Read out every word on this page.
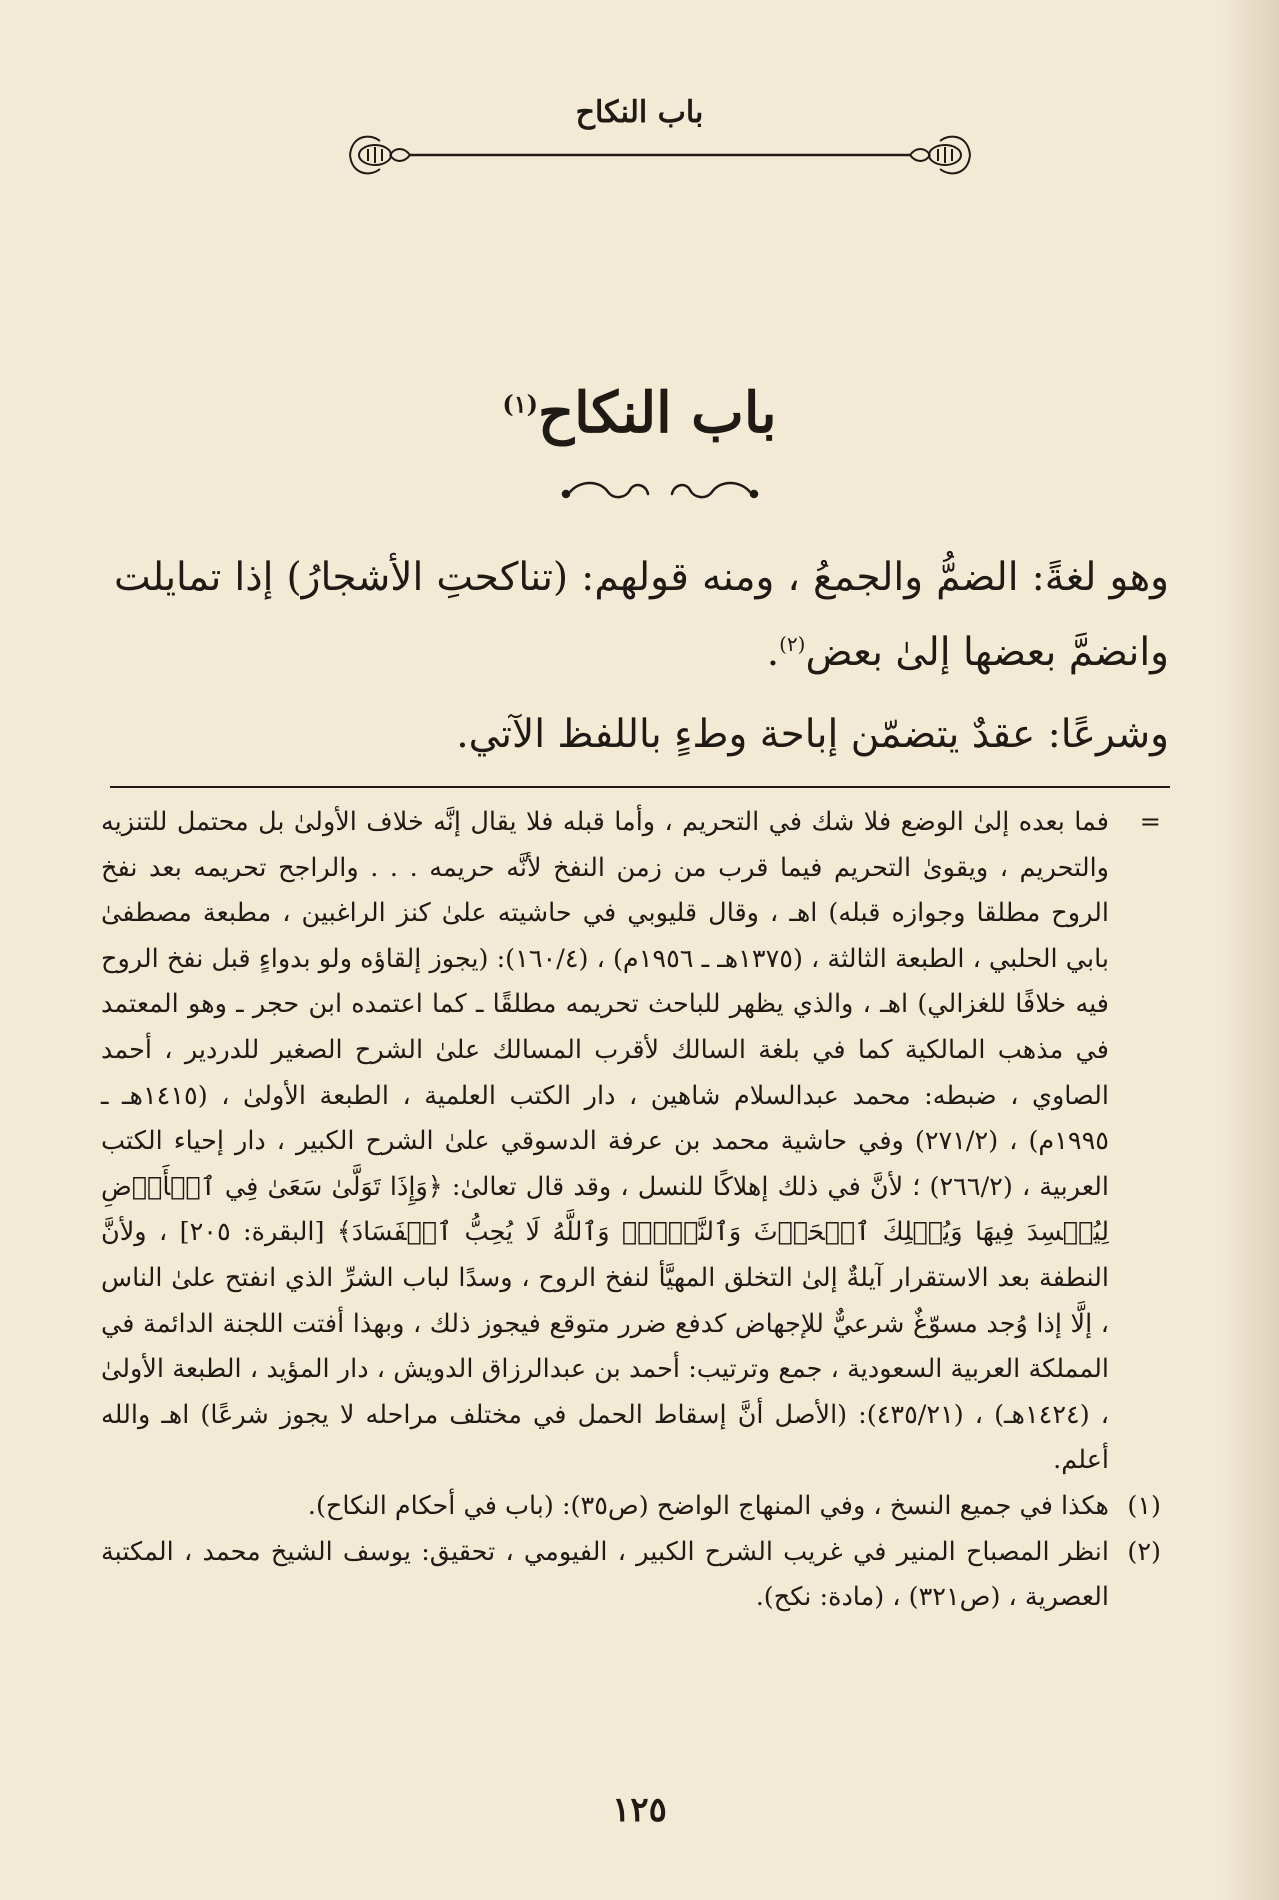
باب النكاح
باب النكاح$^{(١)}$

وهو لغةً: الضمُّ والجمعُ ، ومنه قولهم: (تناكحتِ الأشجارُ) إذا تمايلت وانضمَّ بعضها إلىٰ بعض$^{(٢)}$.

وشرعًا: عقدٌ يتضمّن إباحة وطءٍ باللفظ الآتي.

=
فما بعده إلىٰ الوضع فلا شك في التحريم ، وأما قبله فلا يقال إنَّه خلاف الأولىٰ بل محتمل للتنزيه والتحريم ، ويقوىٰ التحريم فيما قرب من زمن النفخ لأنَّه حريمه . . . والراجح تحريمه بعد نفخ الروح مطلقا وجوازه قبله) اهـ ، وقال قليوبي في حاشيته علىٰ كنز الراغبين ، مطبعة مصطفىٰ بابي الحلبي ، الطبعة الثالثة ، (١٣٧٥هـ ـ ١٩٥٦م) ، (١٦٠/٤): (يجوز إلقاؤه ولو بدواءٍ قبل نفخ الروح فيه خلافًا للغزالي) اهـ ، والذي يظهر للباحث تحريمه مطلقًا ـ كما اعتمده ابن حجر ـ وهو المعتمد في مذهب المالكية كما في بلغة السالك لأقرب المسالك علىٰ الشرح الصغير للدردير ، أحمد الصاوي ، ضبطه: محمد عبدالسلام شاهين ، دار الكتب العلمية ، الطبعة الأولىٰ ، (١٤١٥هـ ـ ١٩٩٥م) ، (٢٧١/٢) وفي حاشية محمد بن عرفة الدسوقي علىٰ الشرح الكبير ، دار إحياء الكتب العربية ، (٢٦٦/٢) ؛ لأنَّ في ذلك إهلاكًا للنسل ، وقد قال تعالىٰ: ﴿وَإِذَا تَوَلَّىٰ سَعَىٰ فِي ٱلۡأَرۡضِ لِيُفۡسِدَ فِيهَا وَيُهۡلِكَ ٱلۡحَرۡثَ وَٱلنَّسۡلَۚ وَٱللَّهُ لَا يُحِبُّ ٱلۡفَسَادَ﴾ [البقرة: ٢٠٥] ، ولأنَّ النطفة بعد الاستقرار آيلةٌ إلىٰ التخلق المهيَّأ لنفخ الروح ، وسدًا لباب الشرِّ الذي انفتح علىٰ الناس ، إلَّا إذا وُجد مسوّغٌ شرعيٌّ للإجهاض كدفع ضرر متوقع فيجوز ذلك ، وبهذا أفتت اللجنة الدائمة في المملكة العربية السعودية ، جمع وترتيب: أحمد بن عبدالرزاق الدويش ، دار المؤيد ، الطبعة الأولىٰ ، (١٤٢٤هـ) ، (٤٣٥/٢١): (الأصل أنَّ إسقاط الحمل في مختلف مراحله لا يجوز شرعًا) اهـ والله أعلم.
(١)
هكذا في جميع النسخ ، وفي المنهاج الواضح (ص٣٥): (باب في أحكام النكاح).
(٢)
انظر المصباح المنير في غريب الشرح الكبير ، الفيومي ، تحقيق: يوسف الشيخ محمد ، المكتبة العصرية ، (ص٣٢١) ، (مادة: نكح).
١٢٥
